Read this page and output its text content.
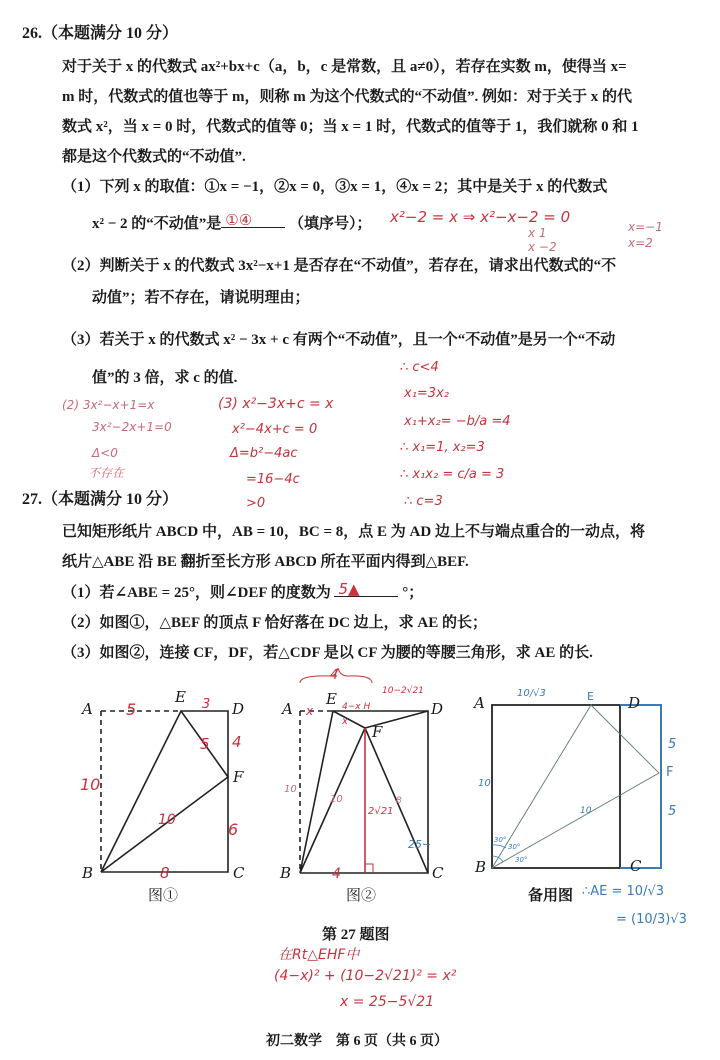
26.（本题满分 10 分）
对于关于 x 的代数式 ax²+bx+c（a，b，c 是常数，且 a≠0），若存在实数 m，使得当 x=
m 时，代数式的值也等于 m，则称 m 为这个代数式的“不动值”. 例如：对于关于 x 的代
数式 x²，当 x = 0 时，代数式的值等 0；当 x = 1 时，代数式的值等于 1，我们就称 0 和 1
都是这个代数式的“不动值”.
（1）下列 x 的取值：①x = −1，②x = 0，③x = 1，④x = 2；其中是关于 x 的代数式
x² − 2 的“不动值”是 ①④ （填序号）； x²−2 = x ⇒ x²−x−2 = 0
x=−1
x=2
x 1
x −2
（2）判断关于 x 的代数式 3x²−x+1 是否存在“不动值”，若存在，请求出代数式的“不
动值”；若不存在，请说明理由；
（3）若关于 x 的代数式 x² − 3x + c 有两个“不动值”，且一个“不动值”是另一个“不动
值”的 3 倍，求 c 的值.
(2) 3x²−x+1=x
3x²−2x+1=0
Δ<0
不存在
(3) x²−3x+c = x
x²−4x+c = 0
Δ=b²−4ac
=16−4c
>0
∴ c<4
x₁=3x₂
x₁+x₂= −b/a =4
∴ x₁=1, x₂=3
∴ x₁x₂ = c/a = 3
∴ c=3
27.（本题满分 10 分）
已知矩形纸片 ABCD 中，AB = 10，BC = 8，点 E 为 AD 边上不与端点重合的一动点，将
纸片△ABE 沿 BE 翻折至长方形 ABCD 所在平面内得到△BEF.
（1）若∠ABE = 25°，则∠DEF 的度数为 5▲	°；
（2）如图①，△BEF 的顶点 F 恰好落在 DC 边上，求 AE 的长；
（3）如图②，连接 CF，DF，若△CDF 是以 CF 为腰的等腰三角形，求 AE 的长.
A
E
D
F
B	C
5	3
5 4
10
10	6
8
图①
A
E
D
F
B	C
4
x	4−x H
x
10−2√21
10
10
2√21
4
8
25−
图②
A	E D
F
B	C
10/√3
10
5
5
10
30°
30°
30°
备用图 ∴AE = 10/√3
= (10/3)√3
第 27 题图
在Rt△EHF中
(4−x)² + (10−2√21)² = x²
x = 25−5√21
初二数学　第 6 页（共 6 页）
